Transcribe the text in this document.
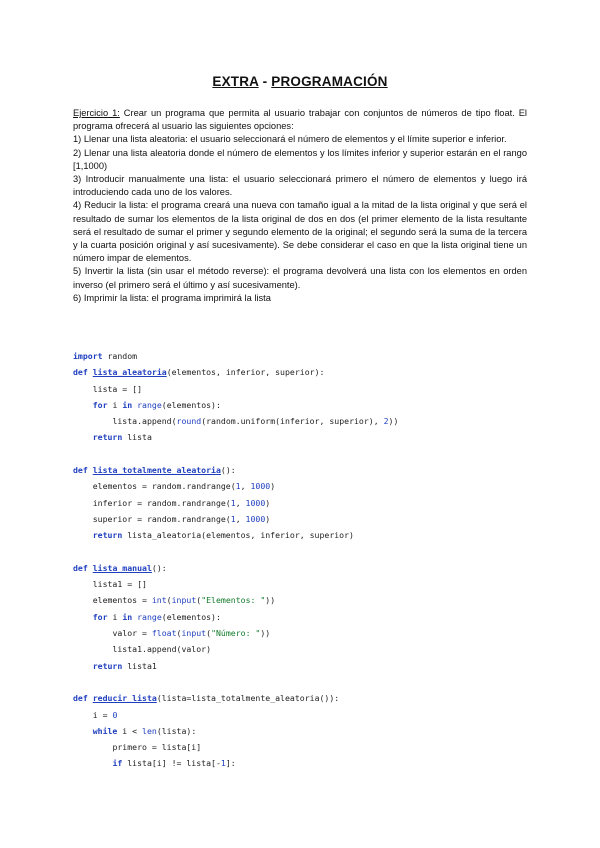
EXTRA - PROGRAMACIÓN

Ejercicio 1: Crear un programa que permita al usuario trabajar con conjuntos de números de tipo float. El programa ofrecerá al usuario las siguientes opciones:

1) Llenar una lista aleatoria: el usuario seleccionará el número de elementos y el límite superior e inferior.

2) Llenar una lista aleatoria donde el número de elementos y los límites inferior y superior estarán en el rango [1,1000)

3) Introducir manualmente una lista: el usuario seleccionará primero el número de elementos y luego irá introduciendo cada uno de los valores.

4) Reducir la lista: el programa creará una nueva con tamaño igual a la mitad de la lista original y que será el resultado de sumar los elementos de la lista original de dos en dos (el primer elemento de la lista resultante será el resultado de sumar el primer y segundo elemento de la original; el segundo será la suma de la tercera y la cuarta posición original y así sucesivamente). Se debe considerar el caso en que la lista original tiene un número impar de elementos.

5) Invertir la lista (sin usar el método reverse): el programa devolverá una lista con los elementos en orden inverso (el primero será el último y así sucesivamente).

6) Imprimir la lista: el programa imprimirá la lista

import random
def lista_aleatoria(elementos, inferior, superior):
lista = []
for i in range(elementos):
lista.append(round(random.uniform(inferior, superior), 2))
return lista
def lista_totalmente_aleatoria():
elementos = random.randrange(1, 1000)
inferior = random.randrange(1, 1000)
superior = random.randrange(1, 1000)
return lista_aleatoria(elementos, inferior, superior)
def lista_manual():
lista1 = []
elementos = int(input("Elementos: "))
for i in range(elementos):
valor = float(input("Número: "))
lista1.append(valor)
return lista1
def reducir_lista(lista=lista_totalmente_aleatoria()):
i = 0
while i < len(lista):
primero = lista[i]
if lista[i] != lista[-1]:
